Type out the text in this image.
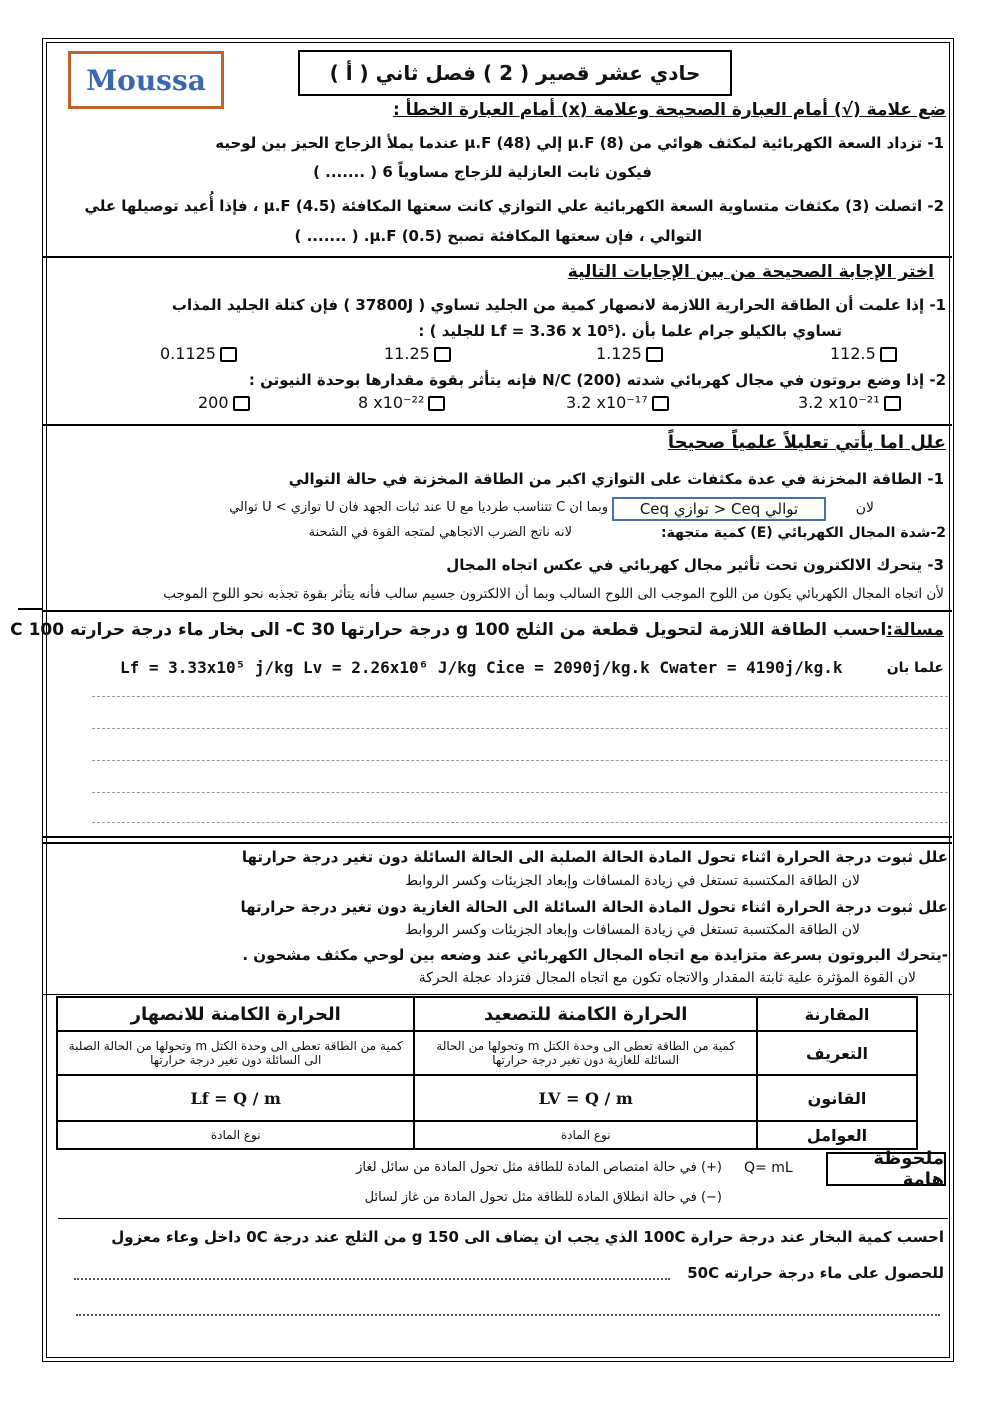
Moussa	حادي عشر قصير ( 2 ) فصل ثاني ( أ )
ضع علامة (√) أمام العبارة الصحيحة وعلامة (x) أمام العبارة الخطأ :
1- تزداد السعة الكهربائية لمكثف هوائي من μ.F (8) إلي μ.F (48) عندما يملأ الزجاج الحيز بين لوحيه
فيكون ثابت العازلية للزجاج مساوياً 6 ( ....... )
2- اتصلت (3) مكثفات متساوية السعة الكهربائية علي التوازي كانت سعتها المكافئة μ.F (4.5) ، فإذا أُعيد توصيلها علي
التوالي ، فإن سعتها المكافئة تصبح μ.F (0.5). ( ....... )
اختر الإجابة الصحيحة من بين الإجابات التالية
1- إذا علمت أن الطاقة الحرارية اللازمة لانصهار كمية من الجليد تساوي ( 37800J ) فإن كتلة الجليد المذاب
تساوي بالكيلو جرام علما بأن .(Lf = 3.36 x 10⁵ للجليد ) :
112.5
1.125
11.25
0.1125
2- إذا وضع بروتون في مجال كهربائي شدته N/C (200) فإنه يتأثر بقوة مقدارها بوحدة النيوتن :
3.2 x10⁻²¹
3.2 x10⁻¹⁷
8 x10⁻²²
200
علل اما يأتي تعليلاً علمياً صحيحاً
1- الطاقة المخزنة في عدة مكثفات على التوازي اكبر من الطاقة المخزنة في حالة التوالي
لان
Ceq توازي > Ceq توالي
وبما ان C تتناسب طرديا مع U عند ثبات الجهد فان U توازي > U توالي
2-شدة المجال الكهربائي (E) كمية متجهة:
لانه ناتج الضرب الاتجاهي لمتجه القوة في الشحنة
3- يتحرك الالكترون تحت تأثير مجال كهربائي في عكس اتجاه المجال
لأن اتجاه المجال الكهربائي يكون من اللوح الموجب الى اللوح السالب وبما أن الالكترون جسيم سالب فأنه يتأثر بقوة تجذبه نحو اللوح الموجب
مسالة:احسب الطاقة اللازمة لتحويل قطعة من الثلج g 100 درجة حرارتها 30 C- الى بخار ماء درجة حرارته 100 C
علما بان
Lf = 3.33x10⁵ j/kg Lv = 2.26x10⁶ J/kg Cice = 2090j/kg.k Cwater = 4190j/kg.k
علل ثبوت درجة الحرارة اثناء تحول المادة الحالة الصلبة الى الحالة السائلة دون تغير درجة حرارتها
لان الطاقة المكتسبة تستغل في زيادة المسافات وإبعاد الجزيئات وكسر الروابط
علل ثبوت درجة الحرارة اثناء تحول المادة الحالة السائلة الى الحالة الغازية دون تغير درجة حرارتها
لان الطاقة المكتسبة تستغل في زيادة المسافات وإبعاد الجزيئات وكسر الروابط
-يتحرك البروتون بسرعة متزايدة مع اتجاه المجال الكهربائي عند وضعه بين لوحي مكثف مشحون .
لان القوة المؤثرة علية ثابتة المقدار والاتجاه تكون مع اتجاه المجال فتزداد عجلة الحركة
المقارنة	الحرارة الكامنة للتصعيد	الحرارة الكامنة للانصهار
التعريف	كمية من الطاقة تعطى الى وحدة الكتل m وتحولها من الحالة السائلة للغازية دون تغير درجة حرارتها	كمية من الطاقة تعطى الى وحدة الكتل m وتحولها من الحالة الصلبة الى السائلة دون تغير درجة حرارتها
القانون	LV = Q / m	Lf = Q / m
العوامل	نوع المادة	نوع المادة
ملحوظة هامة
Q= mL
(+) في حالة امتصاص المادة للطاقة مثل تحول المادة من سائل لغاز
(−) في حالة انطلاق المادة للطاقة مثل تحول المادة من غاز لسائل
احسب كمية البخار عند درجة حرارة 100C الذي يجب ان يضاف الى g 150 من الثلج عند درجة 0C داخل وعاء معزول
للحصول على ماء درجة حرارته 50C
